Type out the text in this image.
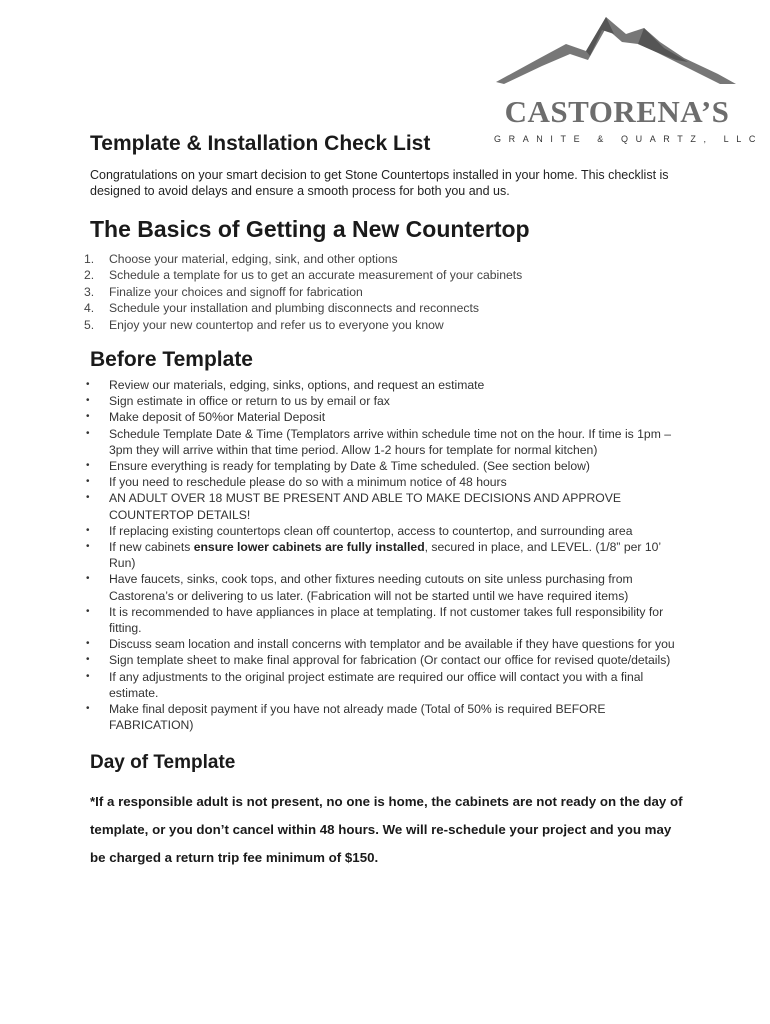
CASTORENA’S
GRANITE & QUARTZ, LLC
Template & Installation Check List

Congratulations on your smart decision to get Stone Countertops installed in your home. This checklist is designed to avoid delays and ensure a smooth process for both you and us.

The Basics of Getting a New Countertop
1. Choose your material, edging, sink, and other options
2. Schedule a template for us to get an accurate measurement of your cabinets
3. Finalize your choices and signoff for fabrication
4. Schedule your installation and plumbing disconnects and reconnects
5. Enjoy your new countertop and refer us to everyone you know
Before Template
• Review our materials, edging, sinks, options, and request an estimate
• Sign estimate in office or return to us by email or fax
• Make deposit of 50%or Material Deposit
• Schedule Template Date & Time (Templators arrive within schedule time not on the hour. If time is 1pm – 3pm they will arrive within that time period. Allow 1-2 hours for template for normal kitchen)
• Ensure everything is ready for templating by Date & Time scheduled. (See section below)
• If you need to reschedule please do so with a minimum notice of 48 hours
• AN ADULT OVER 18 MUST BE PRESENT AND ABLE TO MAKE DECISIONS AND APPROVE COUNTERTOP DETAILS!
• If replacing existing countertops clean off countertop, access to countertop, and surrounding area
• If new cabinets ensure lower cabinets are fully installed, secured in place, and LEVEL. (1/8” per 10’ Run)
• Have faucets, sinks, cook tops, and other fixtures needing cutouts on site unless purchasing from Castorena’s or delivering to us later. (Fabrication will not be started until we have required items)
• It is recommended to have appliances in place at templating. If not customer takes full responsibility for fitting.
• Discuss seam location and install concerns with templator and be available if they have questions for you
• Sign template sheet to make final approval for fabrication (Or contact our office for revised quote/details)
• If any adjustments to the original project estimate are required our office will contact you with a final estimate.
• Make final deposit payment if you have not already made (Total of 50% is required BEFORE FABRICATION)
Day of Template

*If a responsible adult is not present, no one is home, the cabinets are not ready on the day of template, or you don’t cancel within 48 hours. We will re-schedule your project and you may be charged a return trip fee minimum of $150.
